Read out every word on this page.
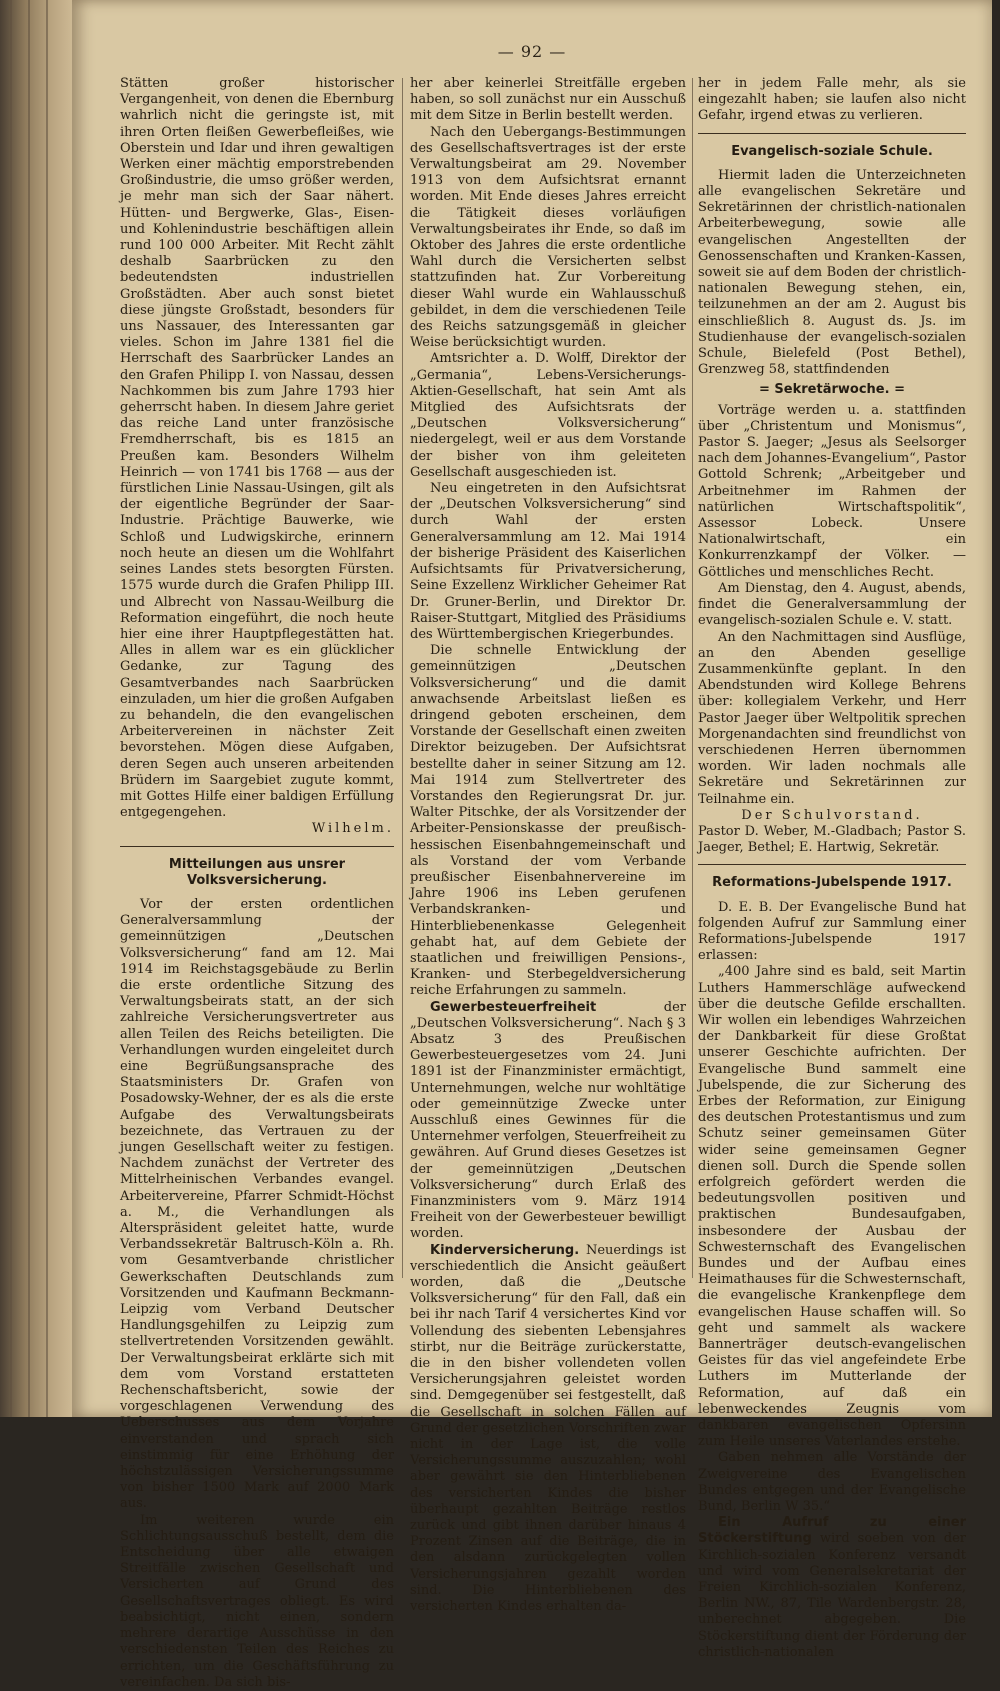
— 92 —

Stätten großer historischer Vergangenheit, von denen die Ebernburg wahrlich nicht die geringste ist, mit ihren Orten fleißen Gewerbefleißes, wie Oberstein und Idar und ihren gewaltigen Werken einer mächtig emporstrebenden Großindustrie, die umso größer werden, je mehr man sich der Saar nähert. Hütten- und Bergwerke, Glas-, Eisen- und Kohlenindustrie beschäftigen allein rund 100 000 Arbeiter. Mit Recht zählt deshalb Saarbrücken zu den bedeutendsten industriellen Großstädten. Aber auch sonst bietet diese jüngste Großstadt, besonders für uns Nassauer, des Interessanten gar vieles. Schon im Jahre 1381 fiel die Herrschaft des Saarbrücker Landes an den Grafen Philipp I. von Nassau, dessen Nachkommen bis zum Jahre 1793 hier geherrscht haben. In diesem Jahre geriet das reiche Land unter französische Fremdherrschaft, bis es 1815 an Preußen kam. Besonders Wilhelm Heinrich — von 1741 bis 1768 — aus der fürstlichen Linie Nassau-Usingen, gilt als der eigentliche Begründer der Saar-Industrie. Prächtige Bauwerke, wie Schloß und Ludwigskirche, erinnern noch heute an diesen um die Wohlfahrt seines Landes stets besorgten Fürsten. 1575 wurde durch die Grafen Philipp III. und Albrecht von Nassau-Weilburg die Reformation eingeführt, die noch heute hier eine ihrer Hauptpflegestätten hat. Alles in allem war es ein glücklicher Gedanke, zur Tagung des Gesamtverbandes nach Saarbrücken einzuladen, um hier die großen Aufgaben zu behandeln, die den evangelischen Arbeitervereinen in nächster Zeit bevorstehen. Mögen diese Aufgaben, deren Segen auch unseren arbeitenden Brüdern im Saargebiet zugute kommt, mit Gottes Hilfe einer baldigen Erfüllung entgegengehen.

Wilhelm.

Mitteilungen aus unsrer Volksversicherung.

Vor der ersten ordentlichen Generalversammlung der gemeinnützigen „Deutschen Volksversicherung“ fand am 12. Mai 1914 im Reichstagsgebäude zu Berlin die erste ordentliche Sitzung des Verwaltungsbeirats statt, an der sich zahlreiche Versicherungsvertreter aus allen Teilen des Reichs beteiligten. Die Verhandlungen wurden eingeleitet durch eine Begrüßungsansprache des Staatsministers Dr. Grafen von Posadowsky-Wehner, der es als die erste Aufgabe des Verwaltungsbeirats bezeichnete, das Vertrauen zu der jungen Gesellschaft weiter zu festigen. Nachdem zunächst der Vertreter des Mittelrheinischen Verbandes evangel. Arbeitervereine, Pfarrer Schmidt-Höchst a. M., die Verhandlungen als Alterspräsident geleitet hatte, wurde Verbandssekretär Baltrusch-Köln a. Rh. vom Gesamtverbande christlicher Gewerkschaften Deutschlands zum Vorsitzenden und Kaufmann Beckmann-Leipzig vom Verband Deutscher Handlungsgehilfen zu Leipzig zum stellvertretenden Vorsitzenden gewählt. Der Verwaltungsbeirat erklärte sich mit dem vom Vorstand erstatteten Rechenschaftsbericht, sowie der vorgeschlagenen Verwendung des Ueberschusses aus dem Vorjahre einverstanden und sprach sich einstimmig für eine Erhöhung der höchstzulässigen Versicherungssumme von bisher 1500 Mark auf 2000 Mark aus.

Im weiteren wurde ein Schlichtungsausschuß bestellt, dem die Entscheidung über alle etwaigen Streitfälle zwischen Gesellschaft und Versicherten auf Grund des Gesellschaftsvertrages obliegt. Es wird beabsichtigt, nicht einen, sondern mehrere derartige Ausschüsse in den verschiedensten Teilen des Reiches zu errichten, um die Geschäftsführung zu vereinfachen. Da sich bis-

her aber keinerlei Streitfälle ergeben haben, so soll zunächst nur ein Ausschuß mit dem Sitze in Berlin bestellt werden.

Nach den Uebergangs-Bestimmungen des Gesellschaftsvertrages ist der erste Verwaltungsbeirat am 29. November 1913 von dem Aufsichtsrat ernannt worden. Mit Ende dieses Jahres erreicht die Tätigkeit dieses vorläufigen Verwaltungsbeirates ihr Ende, so daß im Oktober des Jahres die erste ordentliche Wahl durch die Versicherten selbst stattzufinden hat. Zur Vorbereitung dieser Wahl wurde ein Wahlausschuß gebildet, in dem die verschiedenen Teile des Reichs satzungsgemäß in gleicher Weise berücksichtigt wurden.

Amtsrichter a. D. Wolff, Direktor der „Germania“, Lebens-Versicherungs-Aktien-Gesellschaft, hat sein Amt als Mitglied des Aufsichtsrats der „Deutschen Volksversicherung“ niedergelegt, weil er aus dem Vorstande der bisher von ihm geleiteten Gesellschaft ausgeschieden ist.

Neu eingetreten in den Aufsichtsrat der „Deutschen Volksversicherung“ sind durch Wahl der ersten Generalversammlung am 12. Mai 1914 der bisherige Präsident des Kaiserlichen Aufsichtsamts für Privatversicherung, Seine Exzellenz Wirklicher Geheimer Rat Dr. Gruner-Berlin, und Direktor Dr. Raiser-Stuttgart, Mitglied des Präsidiums des Württembergischen Kriegerbundes.

Die schnelle Entwicklung der gemeinnützigen „Deutschen Volksversicherung“ und die damit anwachsende Arbeitslast ließen es dringend geboten erscheinen, dem Vorstande der Gesellschaft einen zweiten Direktor beizugeben. Der Aufsichtsrat bestellte daher in seiner Sitzung am 12. Mai 1914 zum Stellvertreter des Vorstandes den Regierungsrat Dr. jur. Walter Pitschke, der als Vorsitzender der Arbeiter-Pensionskasse der preußisch-hessischen Eisenbahngemeinschaft und als Vorstand der vom Verbande preußischer Eisenbahnervereine im Jahre 1906 ins Leben gerufenen Verbandskranken- und Hinterbliebenenkasse Gelegenheit gehabt hat, auf dem Gebiete der staatlichen und freiwilligen Pensions-, Kranken- und Sterbegeldversicherung reiche Erfahrungen zu sammeln.

Gewerbesteuerfreiheit der „Deutschen Volksversicherung“. Nach § 3 Absatz 3 des Preußischen Gewerbesteuergesetzes vom 24. Juni 1891 ist der Finanzminister ermächtigt, Unternehmungen, welche nur wohltätige oder gemeinnützige Zwecke unter Ausschluß eines Gewinnes für die Unternehmer verfolgen, Steuerfreiheit zu gewähren. Auf Grund dieses Gesetzes ist der gemeinnützigen „Deutschen Volksversicherung“ durch Erlaß des Finanzministers vom 9. März 1914 Freiheit von der Gewerbesteuer bewilligt worden.

Kinderversicherung. Neuerdings ist verschiedentlich die Ansicht geäußert worden, daß die „Deutsche Volksversicherung“ für den Fall, daß ein bei ihr nach Tarif 4 versichertes Kind vor Vollendung des siebenten Lebensjahres stirbt, nur die Beiträge zurückerstatte, die in den bisher vollendeten vollen Versicherungsjahren geleistet worden sind. Demgegenüber sei festgestellt, daß die Gesellschaft in solchen Fällen auf Grund der gesetzlichen Vorschriften zwar nicht in der Lage ist, die volle Versicherungssumme auszuzahlen; wohl aber gewährt sie den Hinterbliebenen des versicherten Kindes die bisher überhaupt gezahlten Beiträge restlos zurück und gibt ihnen darüber hinaus 4 Prozent Zinsen auf die Beiträge, die in den alsdann zurückgelegten vollen Versicherungsjahren gezahlt worden sind. Die Hinterbliebenen des versicherten Kindes erhalten da-

her in jedem Falle mehr, als sie eingezahlt haben; sie laufen also nicht Gefahr, irgend etwas zu verlieren.

Evangelisch-soziale Schule.

Hiermit laden die Unterzeichneten alle evangelischen Sekretäre und Sekretärinnen der christlich-nationalen Arbeiterbewegung, sowie alle evangelischen Angestellten der Genossenschaften und Kranken-Kassen, soweit sie auf dem Boden der christlich-nationalen Bewegung stehen, ein, teilzunehmen an der am 2. August bis einschließlich 8. August ds. Js. im Studienhause der evangelisch-sozialen Schule, Bielefeld (Post Bethel), Grenzweg 58, stattfindenden

= Sekretärwoche. =

Vorträge werden u. a. stattfinden über „Christentum und Monismus“, Pastor S. Jaeger; „Jesus als Seelsorger nach dem Johannes-Evangelium“, Pastor Gottold Schrenk; „Arbeitgeber und Arbeitnehmer im Rahmen der natürlichen Wirtschaftspolitik“, Assessor Lobeck. Unsere Nationalwirtschaft, ein Konkurrenzkampf der Völker. — Göttliches und menschliches Recht.

Am Dienstag, den 4. August, abends, findet die Generalversammlung der evangelisch-sozialen Schule e. V. statt.

An den Nachmittagen sind Ausflüge, an den Abenden gesellige Zusammenkünfte geplant. In den Abendstunden wird Kollege Behrens über: kollegialem Verkehr, und Herr Pastor Jaeger über Weltpolitik sprechen Morgenandachten sind freundlichst von verschiedenen Herren übernommen worden. Wir laden nochmals alle Sekretäre und Sekretärinnen zur Teilnahme ein.

Der Schulvorstand.

Pastor D. Weber, M.-Gladbach; Pastor S. Jaeger, Bethel; E. Hartwig, Sekretär.

Reformations-Jubelspende 1917.

D. E. B. Der Evangelische Bund hat folgenden Aufruf zur Sammlung einer Reformations-Jubelspende 1917 erlassen:

„400 Jahre sind es bald, seit Martin Luthers Hammerschläge aufweckend über die deutsche Gefilde erschallten. Wir wollen ein lebendiges Wahrzeichen der Dankbarkeit für diese Großtat unserer Geschichte aufrichten. Der Evangelische Bund sammelt eine Jubelspende, die zur Sicherung des Erbes der Reformation, zur Einigung des deutschen Protestantismus und zum Schutz seiner gemeinsamen Güter wider seine gemeinsamen Gegner dienen soll. Durch die Spende sollen erfolgreich gefördert werden die bedeutungsvollen positiven und praktischen Bundesaufgaben, insbesondere der Ausbau der Schwesternschaft des Evangelischen Bundes und der Aufbau eines Heimathauses für die Schwesternschaft, die evangelische Krankenpflege dem evangelischen Hause schaffen will. So geht und sammelt als wackere Bannerträger deutsch-evangelischen Geistes für das viel angefeindete Erbe Luthers im Mutterlande der Reformation, auf daß ein lebenweckendes Zeugnis vom dankbaren evangelischen Opfersinn zum Heile unseres Vaterlandes erstehe.

Gaben nehmen alle Vorstände der Zweigvereine des Evangelischen Bundes entgegen und der Evangelische Bund, Berlin W 35.“

Ein Aufruf zu einer Stöckerstiftung wird soeben von der Kirchlich-sozialen Konferenz versandt und wird vom Generalsekretariat der Freien Kirchlich-sozialen Konferenz, Berlin NW., 87, Tile Wardenbergstr. 28, unberechnet abgegeben. Die Stöckerstiftung dient der Förderung der christlich-nationalen
